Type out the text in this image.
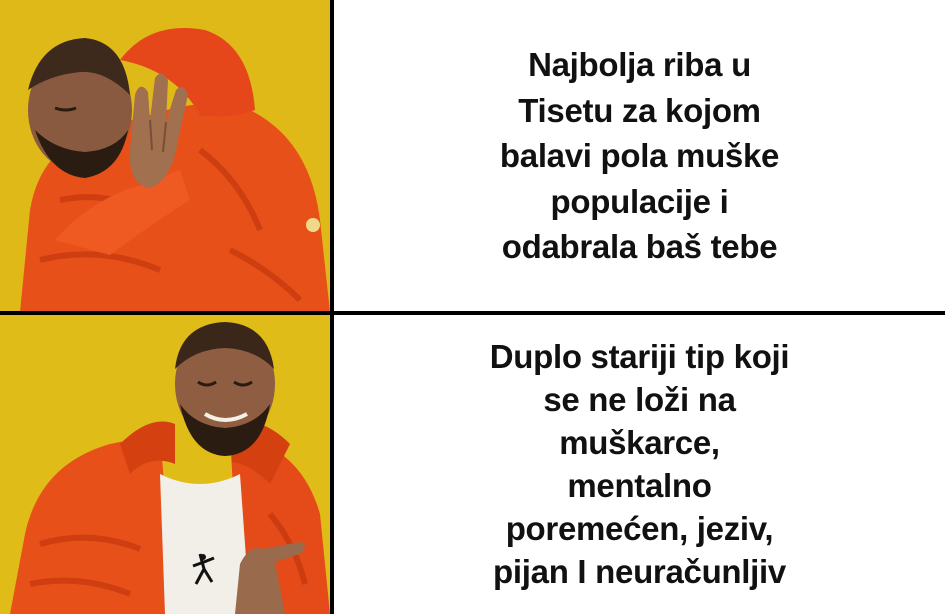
Najbolja riba u Tisetu za kojom balavi pola muške populacije i odabrala baš tebe
Duplo stariji tip koji se ne loži na muškarce, mentalno poremećen, jeziv, pijan I neuračunljiv
